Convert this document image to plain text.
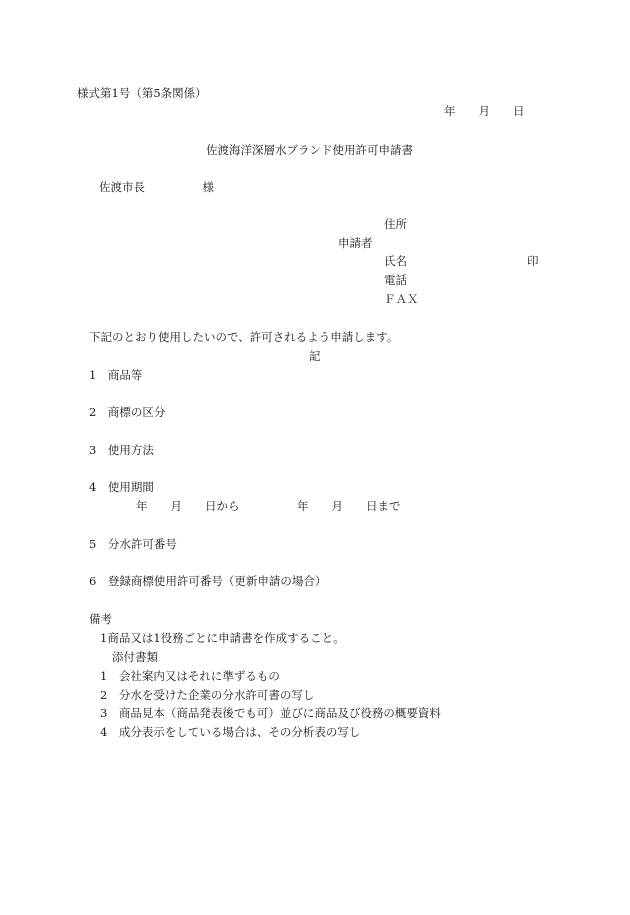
様式第1号（第5条関係）
年　　月　　日
佐渡海洋深層水ブランド使用許可申請書
佐渡市長　　　　　様
住所
申請者
氏名	印
電話
ＦＡＸ
下記のとおり使用したいので、許可されるよう申請します。
記
1　商品等
2　商標の区分
3　使用方法
4　使用期間
年　　月　　日から　　　　　年　　月　　日まで
5　分水許可番号
6　登録商標使用許可番号（更新申請の場合）
備考
1商品又は1役務ごとに申請書を作成すること。
添付書類
1　会社案内又はそれに準ずるもの
2　分水を受けた企業の分水許可書の写し
3　商品見本（商品発表後でも可）並びに商品及び役務の概要資料
4　成分表示をしている場合は、その分析表の写し
